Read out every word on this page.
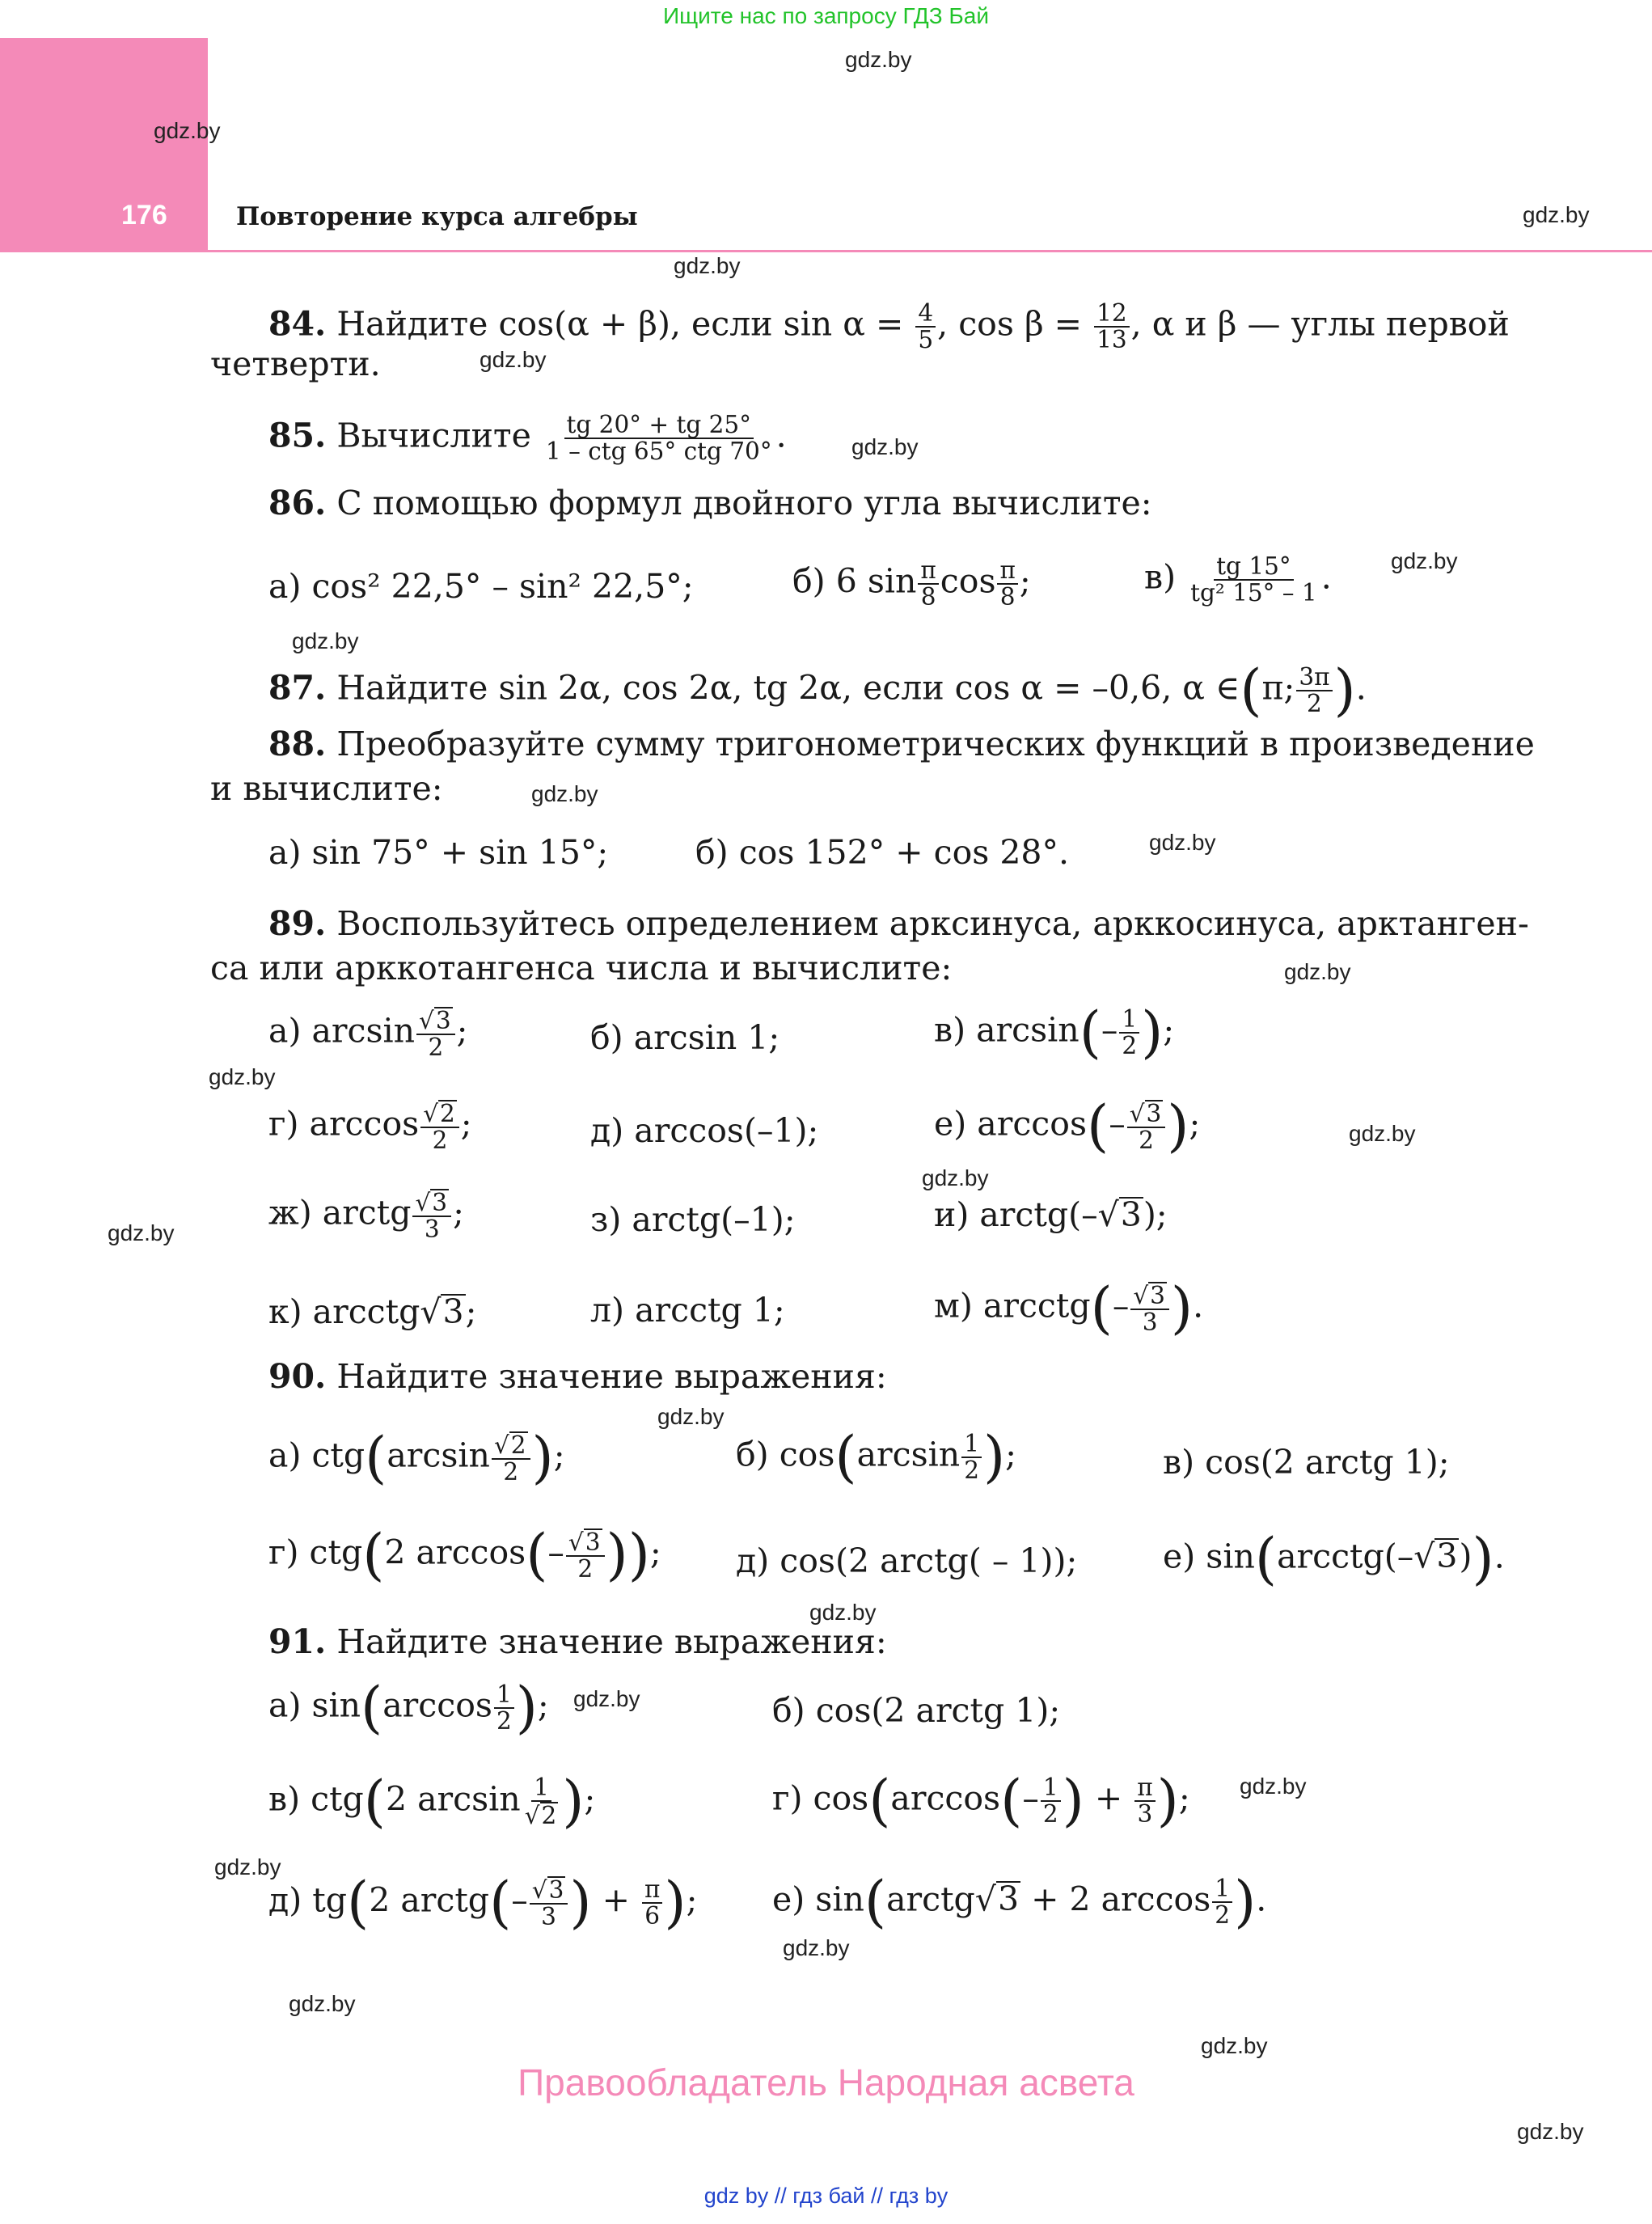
Ищите нас по запросу ГДЗ Бай
176	Повторение курса алгебры
gdz.by
gdz.by
gdz.by
gdz.by
gdz.by
gdz.by
gdz.by
gdz.by
gdz.by
gdz.by
gdz.by
gdz.by
gdz.by
gdz.by
gdz.by
gdz.by
gdz.by
gdz.by
gdz.by
gdz.by
gdz.by
gdz.by
gdz.by
gdz.by
84. Найдите cos(α + β), если $\sin \alpha = \frac{4}{5}$ , $\cos \beta = \frac{12}{13}$ , α и β — углы первой
четверти.
85. Вычислите $\frac{tg 20^\circ + tg 25^\circ}{\text{1 – ctg 65° ctg 70°}}$ .
86. С помощью формул двойного угла вычислите:
а) cos² 22,5° – sin² 22,5°;	б) 6 $\sin \frac{\pi}{8}$ $\cos \frac{\pi}{8}$ ;	$в) \frac{tg 15^\circ}{\text{tg² 15° – 1}}$ .
87. Найдите sin 2α, cos 2α, tg 2α, если cos α = –0,6, α ∈(π; $\frac{3\pi}{2}$ ).
88. Преобразуйте сумму тригонометрических функций в произведение
и вычислите:
а) sin 75° + sin 15°;	б) cos 152° + cos 28°.
89. Воспользуйтесь определением арксинуса, арккосинуса, арктанген-
са или арккотангенса числа и вычислите:
а) $\arcsin \frac{√3}{2}$ ;	б) arcsin 1;	в) $\arcsin(- \frac{1}{2}$ );
г) $\arccos \frac{√2}{2}$ ;	д) arccos(–1);	е) $\arccos(- \frac{√3}{2}$ );
ж) arctg $\frac{√3}{3}$ ;	з) arctg(–1);	и) arctg(–√3);
к) arcctg√3;	л) arcctg 1;	м) arcctg(– $\frac{√3}{3}$ ).
90. Найдите значение выражения:
а) $ctg(\arcsin \frac{√2}{2}$ );	б) $\cos(\arcsin \frac{1}{2}$ );	в) cos(2 arctg 1);
г) ctg(2 $\arccos(- \frac{√3}{2}$ )); д) cos(2 arctg( – 1));	е) sin(arcctg(–√3)).
91. Найдите значение выражения:
а) $\sin(\arccos \frac{1}{2}$ );	б) cos(2 arctg 1);
в) ctg(2 $\arcsin \frac{1}{√2}$ );	г) $\cos(\arccos(- \frac{1}{2}$ ) + $\frac{\pi}{3}$ );
д) tg(2 arctg(– $\frac{√3}{3}$ ) + $\frac{\pi}{6}$ ); е) sin(arctg√3 + 2 $\arccos \frac{1}{2}$ ).
Правообладатель Народная асвета
gdz by // гдз бай // гдз by
